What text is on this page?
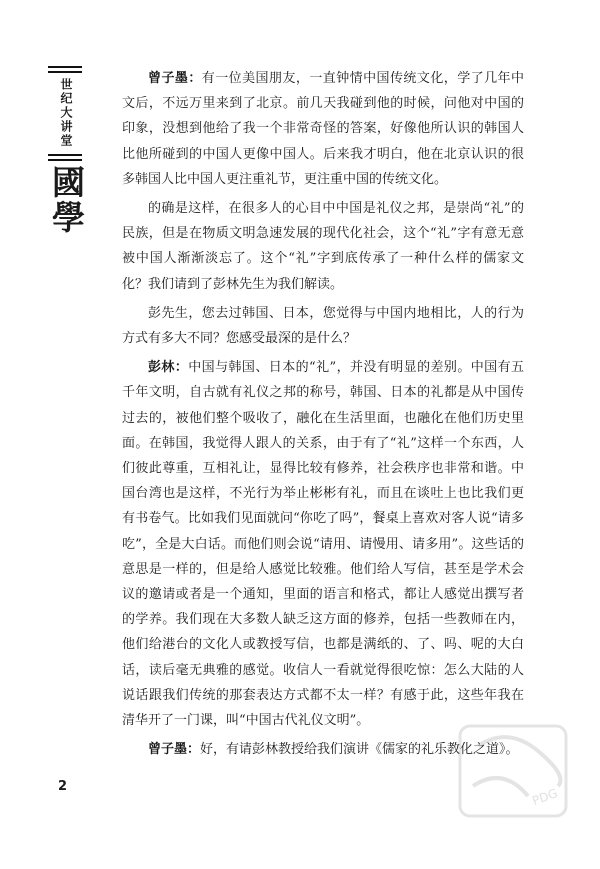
世纪大讲堂
國學

曾子墨：有一位美国朋友，一直钟情中国传统文化，学了几年中文后，不远万里来到了北京。前几天我碰到他的时候，问他对中国的印象，没想到他给了我一个非常奇怪的答案，好像他所认识的韩国人比他所碰到的中国人更像中国人。后来我才明白，他在北京认识的很多韩国人比中国人更注重礼节，更注重中国的传统文化。

的确是这样，在很多人的心目中中国是礼仪之邦，是崇尚“礼”的民族，但是在物质文明急速发展的现代化社会，这个“礼”字有意无意被中国人渐渐淡忘了。这个“礼”字到底传承了一种什么样的儒家文化？我们请到了彭林先生为我们解读。

彭先生，您去过韩国、日本，您觉得与中国内地相比，人的行为方式有多大不同？您感受最深的是什么？

彭林：中国与韩国、日本的“礼”，并没有明显的差别。中国有五千年文明，自古就有礼仪之邦的称号，韩国、日本的礼都是从中国传过去的，被他们整个吸收了，融化在生活里面，也融化在他们历史里面。在韩国，我觉得人跟人的关系，由于有了“礼”这样一个东西，人们彼此尊重，互相礼让，显得比较有修养，社会秩序也非常和谐。中国台湾也是这样，不光行为举止彬彬有礼，而且在谈吐上也比我们更有书卷气。比如我们见面就问“你吃了吗”，餐桌上喜欢对客人说“请多吃”，全是大白话。而他们则会说“请用、请慢用、请多用”。这些话的意思是一样的，但是给人感觉比较雅。他们给人写信，甚至是学术会议的邀请或者是一个通知，里面的语言和格式，都让人感觉出撰写者的学养。我们现在大多数人缺乏这方面的修养，包括一些教师在内，他们给港台的文化人或教授写信，也都是满纸的、了、吗、呢的大白话，读后毫无典雅的感觉。收信人一看就觉得很吃惊：怎么大陆的人说话跟我们传统的那套表达方式都不太一样？有感于此，这些年我在清华开了一门课，叫“中国古代礼仪文明”。

曾子墨：好，有请彭林教授给我们演讲《儒家的礼乐教化之道》。

2	PDG
